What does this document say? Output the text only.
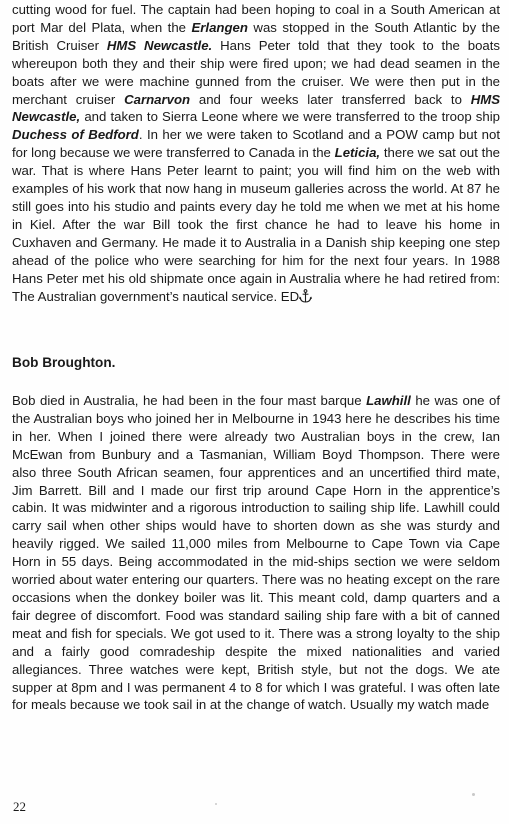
cutting wood for fuel. The captain had been hoping to coal in a South American at port Mar del Plata, when the Erlangen was stopped in the South Atlantic by the British Cruiser HMS Newcastle. Hans Peter told that they took to the boats whereupon both they and their ship were fired upon; we had dead seamen in the boats after we were machine gunned from the cruiser. We were then put in the merchant cruiser Carnarvon and four weeks later transferred back to HMS Newcastle, and taken to Sierra Leone where we were transferred to the troop ship Duchess of Bedford. In her we were taken to Scotland and a POW camp but not for long because we were transferred to Canada in the Leticia, there we sat out the war. That is where Hans Peter learnt to paint; you will find him on the web with examples of his work that now hang in museum galleries across the world. At 87 he still goes into his studio and paints every day he told me when we met at his home in Kiel. After the war Bill took the first chance he had to leave his home in Cuxhaven and Germany. He made it to Australia in a Danish ship keeping one step ahead of the police who were searching for him for the next four years. In 1988 Hans Peter met his old shipmate once again in Australia where he had retired from: The Australian government’s nautical service. ED

Bob Broughton.

Bob died in Australia, he had been in the four mast barque Lawhill he was one of the Australian boys who joined her in Melbourne in 1943 here he describes his time in her. When I joined there were already two Australian boys in the crew, Ian McEwan from Bunbury and a Tasmanian, William Boyd Thompson. There were also three South African seamen, four apprentices and an uncertified third mate, Jim Barrett. Bill and I made our first trip around Cape Horn in the apprentice’s cabin. It was midwinter and a rigorous introduction to sailing ship life. Lawhill could carry sail when other ships would have to shorten down as she was sturdy and heavily rigged. We sailed 11,000 miles from Melbourne to Cape Town via Cape Horn in 55 days. Being accommodated in the mid-ships section we were seldom worried about water entering our quarters. There was no heating except on the rare occasions when the donkey boiler was lit. This meant cold, damp quarters and a fair degree of discomfort. Food was standard sailing ship fare with a bit of canned meat and fish for specials. We got used to it. There was a strong loyalty to the ship and a fairly good comradeship despite the mixed nationalities and varied allegiances. Three watches were kept, British style, but not the dogs. We ate supper at 8pm and I was permanent 4 to 8 for which I was grateful. I was often late for meals because we took sail in at the change of watch. Usually my watch made

22
